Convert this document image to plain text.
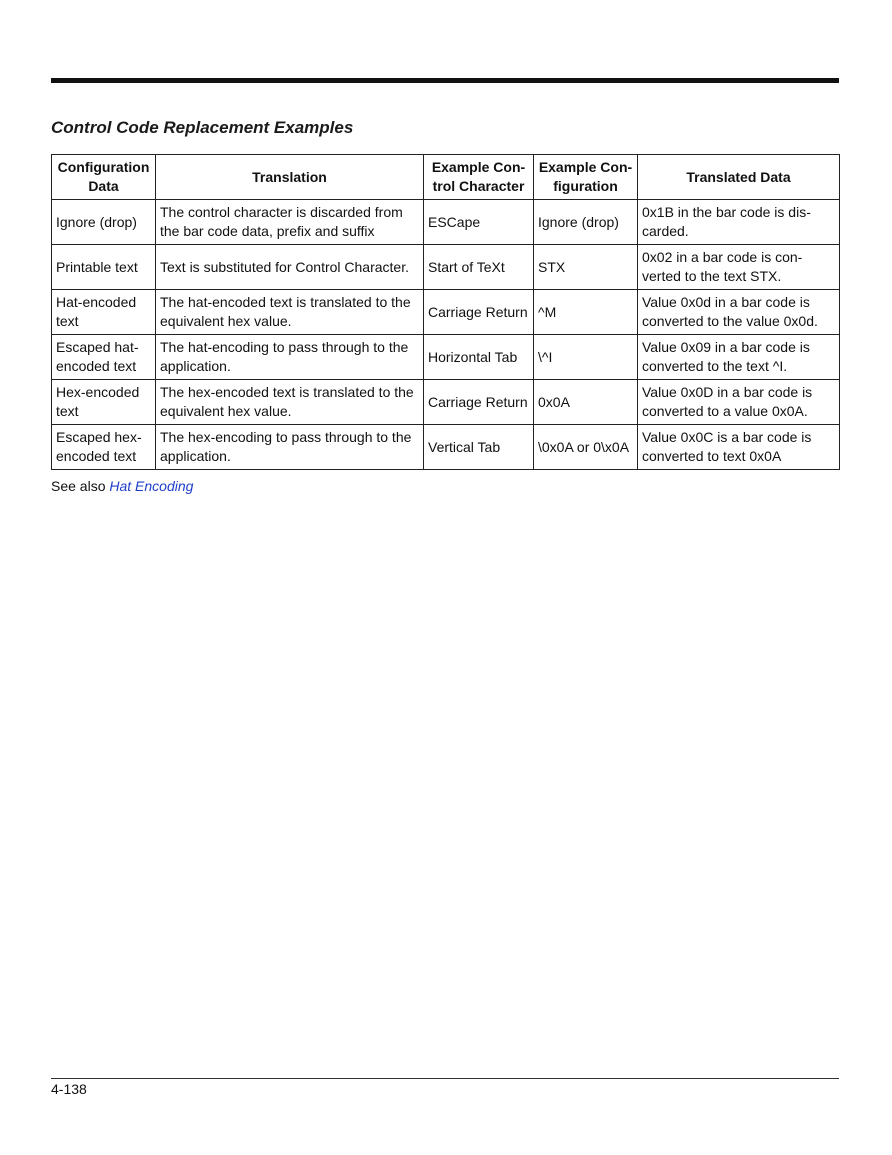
Control Code Replacement Examples
Configuration Data	Translation	Example Con-trol Character	Example Con-figuration	Translated Data
Ignore (drop)	The control character is discarded from the bar code data, prefix and suffix	ESCape	Ignore (drop)	0x1B in the bar code is dis-carded.
Printable text	Text is substituted for Control Character.	Start of TeXt	STX	0x02 in a bar code is con-verted to the text STX.
Hat-encoded text	The hat-encoded text is translated to the equivalent hex value.	Carriage Return	^M	Value 0x0d in a bar code is converted to the value 0x0d.
Escaped hat-encoded text	The hat-encoding to pass through to the application.	Horizontal Tab	\^I	Value 0x09 in a bar code is converted to the text ^I.
Hex-encoded text	The hex-encoded text is translated to the equivalent hex value.	Carriage Return	0x0A	Value 0x0D in a bar code is converted to a value 0x0A.
Escaped hex-encoded text	The hex-encoding to pass through to the application.	Vertical Tab	\0x0A or 0\x0A	Value 0x0C is a bar code is converted to text 0x0A
See also Hat Encoding
4-138
